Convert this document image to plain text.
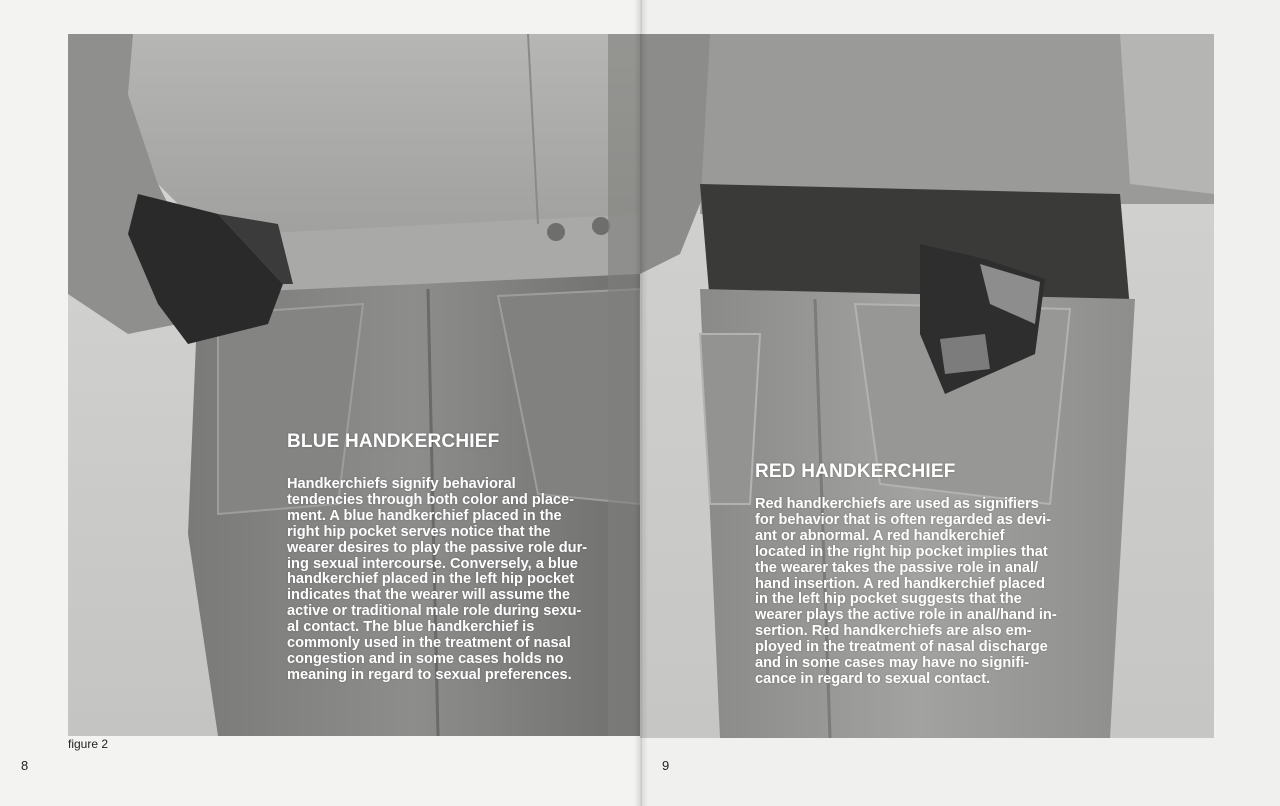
BLUE HANDKERCHIEF

Handkerchiefs signify behavioral
tendencies through both color and place-
ment. A blue handkerchief placed in the
right hip pocket serves notice that the
wearer desires to play the passive role dur-
ing sexual intercourse. Conversely, a blue
handkerchief placed in the left hip pocket
indicates that the wearer will assume the
active or traditional male role during sexu-
al contact. The blue handkerchief is
commonly used in the treatment of nasal
congestion and in some cases holds no
meaning in regard to sexual preferences.

RED HANDKERCHIEF

Red handkerchiefs are used as signifiers
for behavior that is often regarded as devi-
ant or abnormal. A red handkerchief
located in the right hip pocket implies that
the wearer takes the passive role in anal/
hand insertion. A red handkerchief placed
in the left hip pocket suggests that the
wearer plays the active role in anal/hand in-
sertion. Red handkerchiefs are also em-
ployed in the treatment of nasal discharge
and in some cases may have no signifi-
cance in regard to sexual contact.

figure 2
8	9
